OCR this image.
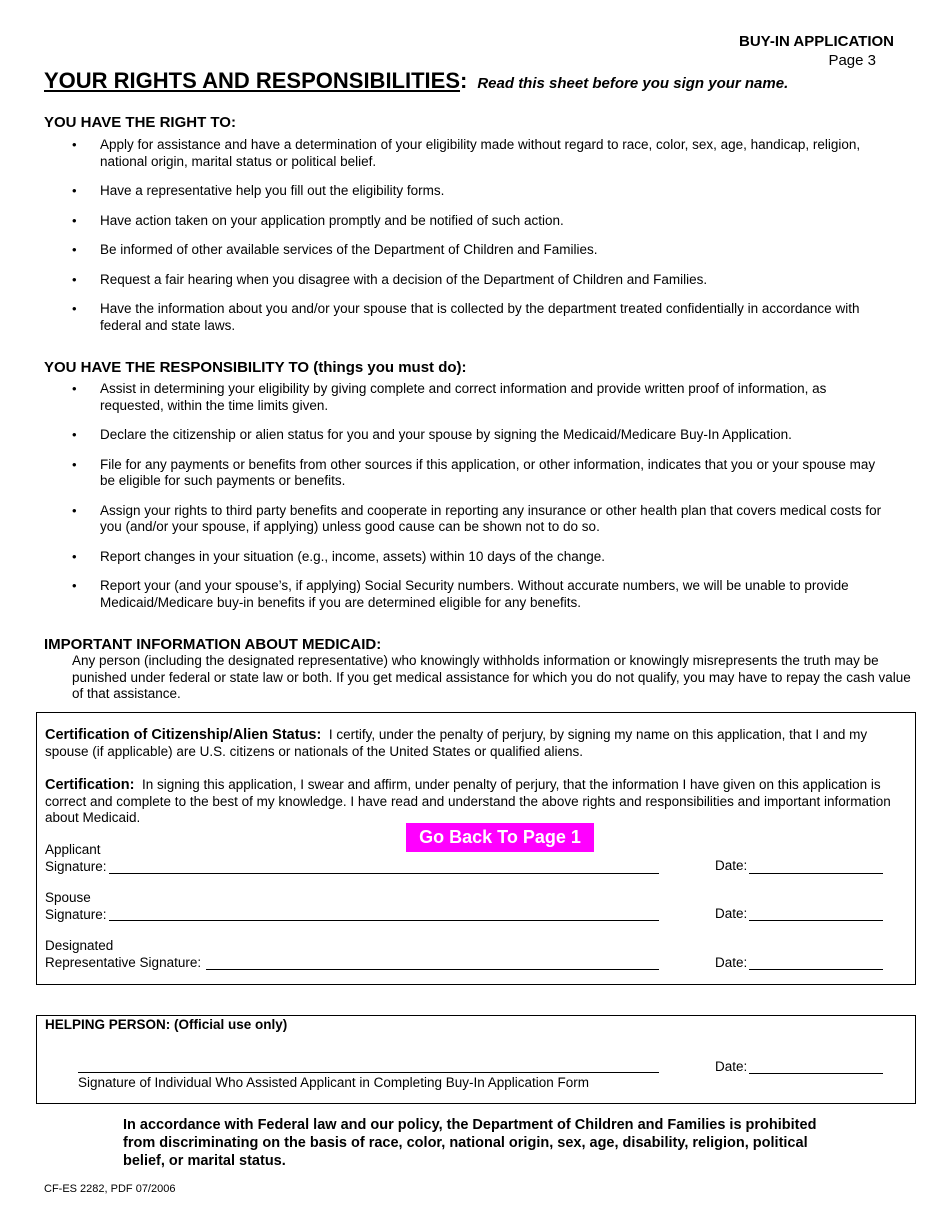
BUY-IN APPLICATION
Page 3
YOUR RIGHTS AND RESPONSIBILITIES: Read this sheet before you sign your name.
YOU HAVE THE RIGHT TO:
• Apply for assistance and have a determination of your eligibility made without regard to race, color, sex, age, handicap, religion, national origin, marital status or political belief.
• Have a representative help you fill out the eligibility forms.
• Have action taken on your application promptly and be notified of such action.
• Be informed of other available services of the Department of Children and Families.
• Request a fair hearing when you disagree with a decision of the Department of Children and Families.
• Have the information about you and/or your spouse that is collected by the department treated confidentially in accordance with federal and state laws.
YOU HAVE THE RESPONSIBILITY TO (things you must do):
• Assist in determining your eligibility by giving complete and correct information and provide written proof of information, as requested, within the time limits given.
• Declare the citizenship or alien status for you and your spouse by signing the Medicaid/Medicare Buy-In Application.
• File for any payments or benefits from other sources if this application, or other information, indicates that you or your spouse may be eligible for such payments or benefits.
• Assign your rights to third party benefits and cooperate in reporting any insurance or other health plan that covers medical costs for you (and/or your spouse, if applying) unless good cause can be shown not to do so.
• Report changes in your situation (e.g., income, assets) within 10 days of the change.
• Report your (and your spouse’s, if applying) Social Security numbers. Without accurate numbers, we will be unable to provide Medicaid/Medicare buy-in benefits if you are determined eligible for any benefits.
IMPORTANT INFORMATION ABOUT MEDICAID:
Any person (including the designated representative) who knowingly withholds information or knowingly misrepresents the truth may be punished under federal or state law or both. If you get medical assistance for which you do not qualify, you may have to repay the cash value of that assistance.
Certification of Citizenship/Alien Status: I certify, under the penalty of perjury, by signing my name on this application, that I and my spouse (if applicable) are U.S. citizens or nationals of the United States or qualified aliens.
Certification: In signing this application, I swear and affirm, under penalty of perjury, that the information I have given on this application is correct and complete to the best of my knowledge. I have read and understand the above rights and responsibilities and important information about Medicaid.
Go Back To Page 1
Applicant
Signature:	Date:
Spouse
Signature:	Date:
Designated
Representative Signature:	Date:
HELPING PERSON: (Official use only)
Signature of Individual Who Assisted Applicant in Completing Buy-In Application Form
Date:
In accordance with Federal law and our policy, the Department of Children and Families is prohibited from discriminating on the basis of race, color, national origin, sex, age, disability, religion, political belief, or marital status.
CF-ES 2282, PDF 07/2006
